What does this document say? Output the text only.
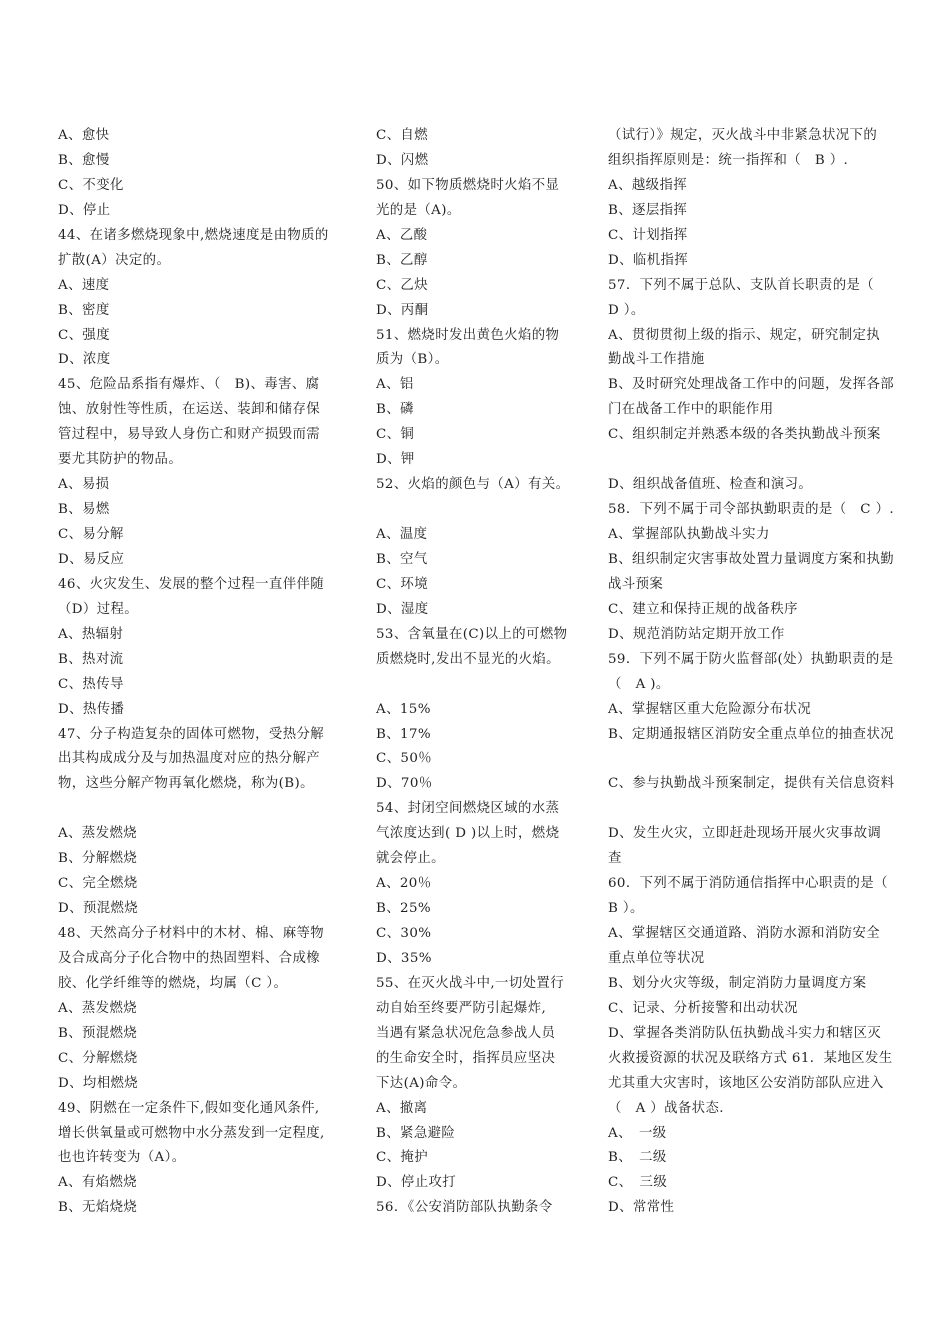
A、愈快
B、愈慢
C、不变化
D、停止
44、在诸多燃烧现象中,燃烧速度是由物质的
扩散(A）决定的。
A、速度
B、密度
C、强度
D、浓度
45、危险品系指有爆炸、（　B)、毒害、腐
蚀、放射性等性质，在运送、装卸和储存保
管过程中，易导致人身伤亡和财产损毁而需
要尤其防护的物品。
A、易损
B、易燃
C、易分解
D、易反应
46、火灾发生、发展的整个过程一直伴伴随
（D）过程。
A、热辐射
B、热对流
C、热传导
D、热传播
47、分子构造复杂的固体可燃物，受热分解
出其构成成分及与加热温度对应的热分解产
物，这些分解产物再氧化燃烧，称为(B)。
A、蒸发燃烧
B、分解燃烧
C、完全燃烧
D、预混燃烧
48、天然高分子材料中的木材、棉、麻等物
及合成高分子化合物中的热固塑料、合成橡
胶、化学纤维等的燃烧，均属（C ）。
A、蒸发燃烧
B、预混燃烧
C、分解燃烧
D、均相燃烧
49、阴燃在一定条件下,假如变化通风条件,
增长供氧量或可燃物中水分蒸发到一定程度,
也也许转变为（A）。
A、有焰燃烧
B、无焰烧烧
C、自燃
D、闪燃
50、如下物质燃烧时火焰不显
光的是（A)。
A、乙酸
B、乙醇
C、乙炔
D、丙酮
51、燃烧时发出黄色火焰的物
质为（B）。
A、铝
B、磷
C、铜
D、钾
52、火焰的颜色与（A）有关。
A、温度
B、空气
C、环境
D、湿度
53、含氧量在(C)以上的可燃物
质燃烧时,发出不显光的火焰。
A、15%
B、17%
C、50％
D、70％
54、封闭空间燃烧区域的水蒸
气浓度达到( D )以上时，燃烧
就会停止。
A、20％
B、25%
C、30%
D、35%
55、在灭火战斗中,一切处置行
动自始至终要严防引起爆炸,
当遇有紧急状况危急参战人员
的生命安全时，指挥员应坚决
下达(A)命令。
A、撤离
B、紧急避险
C、掩护
D、停止攻打
56．《公安消防部队执勤条令
（试行）》规定，灭火战斗中非紧急状况下的
组织指挥原则是：统一指挥和（　B ）.
A、越级指挥
B、逐层指挥
C、计划指挥
D、临机指挥
57．下列不属于总队、支队首长职责的是（
D ）。
A、贯彻贯彻上级的指示、规定，研究制定执
勤战斗工作措施
B、及时研究处理战备工作中的问题，发挥各部
门在战备工作中的职能作用
C、组织制定并熟悉本级的各类执勤战斗预案
D、组织战备值班、检查和演习。
58．下列不属于司令部执勤职责的是（　C ）.
A、掌握部队执勤战斗实力
B、组织制定灾害事故处置力量调度方案和执勤
战斗预案
C、建立和保持正规的战备秩序
D、规范消防站定期开放工作
59．下列不属于防火监督部(处）执勤职责的是
（　A )。
A、掌握辖区重大危险源分布状况
B、定期通报辖区消防安全重点单位的抽查状况
C、参与执勤战斗预案制定，提供有关信息资料
D、发生火灾，立即赶赴现场开展火灾事故调
查
60．下列不属于消防通信指挥中心职责的是（
B ）。
A、掌握辖区交通道路、消防水源和消防安全
重点单位等状况
B、划分火灾等级，制定消防力量调度方案
C、记录、分析接警和出动状况
D、掌握各类消防队伍执勤战斗实力和辖区灭
火救援资源的状况及联络方式 61．某地区发生
尤其重大灾害时，该地区公安消防部队应进入
（　A ）战备状态.
A、　一级
B、　二级
C、　三级
D、常常性
